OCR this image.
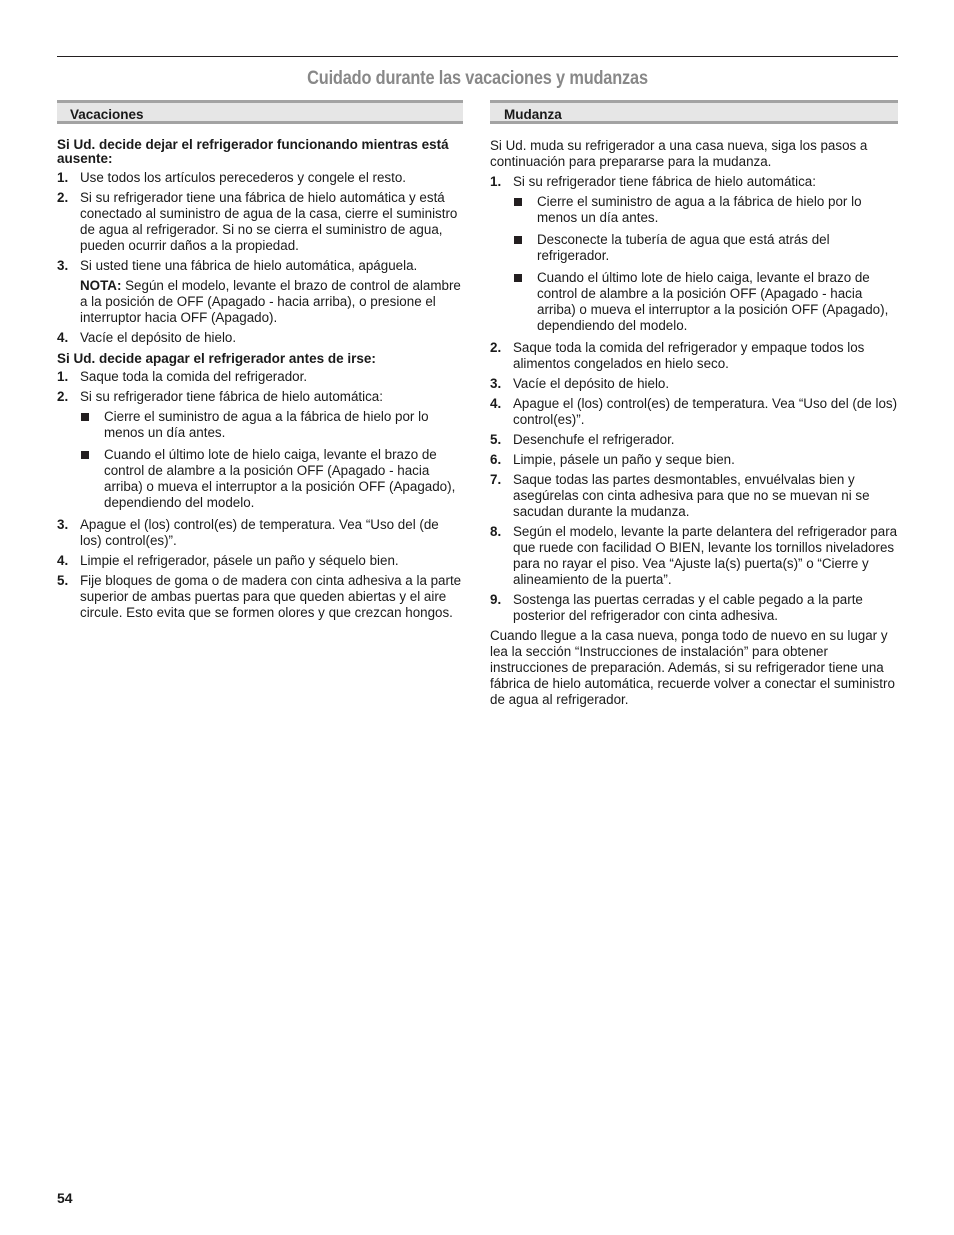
Cuidado durante las vacaciones y mudanzas
Vacaciones

Si Ud. decide dejar el refrigerador funcionando mientras está ausente:

1. Use todos los artículos perecederos y congele el resto.
2. Si su refrigerador tiene una fábrica de hielo automática y está conectado al suministro de agua de la casa, cierre el suministro de agua al refrigerador. Si no se cierra el suministro de agua, pueden ocurrir daños a la propiedad.
3. Si usted tiene una fábrica de hielo automática, apáguela.

NOTA: Según el modelo, levante el brazo de control de alambre a la posición de OFF (Apagado - hacia arriba), o presione el interruptor hacia OFF (Apagado).

4. Vacíe el depósito de hielo.

Si Ud. decide apagar el refrigerador antes de irse:

1. Saque toda la comida del refrigerador.
2. Si su refrigerador tiene fábrica de hielo automática:
Cierre el suministro de agua a la fábrica de hielo por lo menos un día antes.
Cuando el último lote de hielo caiga, levante el brazo de control de alambre a la posición OFF (Apagado - hacia arriba) o mueva el interruptor a la posición OFF (Apagado), dependiendo del modelo.
3. Apague el (los) control(es) de temperatura. Vea “Uso del (de los) control(es)”.
4. Limpie el refrigerador, pásele un paño y séquelo bien.
5. Fije bloques de goma o de madera con cinta adhesiva a la parte superior de ambas puertas para que queden abiertas y el aire circule. Esto evita que se formen olores y que crezcan hongos.
Mudanza

Si Ud. muda su refrigerador a una casa nueva, siga los pasos a continuación para prepararse para la mudanza.

1. Si su refrigerador tiene fábrica de hielo automática:
Cierre el suministro de agua a la fábrica de hielo por lo menos un día antes.
Desconecte la tubería de agua que está atrás del refrigerador.
Cuando el último lote de hielo caiga, levante el brazo de control de alambre a la posición OFF (Apagado - hacia arriba) o mueva el interruptor a la posición OFF (Apagado), dependiendo del modelo.
2. Saque toda la comida del refrigerador y empaque todos los alimentos congelados en hielo seco.
3. Vacíe el depósito de hielo.
4. Apague el (los) control(es) de temperatura. Vea “Uso del (de los) control(es)”.
5. Desenchufe el refrigerador.
6. Limpie, pásele un paño y seque bien.
7. Saque todas las partes desmontables, envuélvalas bien y asegúrelas con cinta adhesiva para que no se muevan ni se sacudan durante la mudanza.
8. Según el modelo, levante la parte delantera del refrigerador para que ruede con facilidad O BIEN, levante los tornillos niveladores para no rayar el piso. Vea “Ajuste la(s) puerta(s)” o “Cierre y alineamiento de la puerta”.
9. Sostenga las puertas cerradas y el cable pegado a la parte posterior del refrigerador con cinta adhesiva.

Cuando llegue a la casa nueva, ponga todo de nuevo en su lugar y lea la sección “Instrucciones de instalación” para obtener instrucciones de preparación. Además, si su refrigerador tiene una fábrica de hielo automática, recuerde volver a conectar el suministro de agua al refrigerador.

54
